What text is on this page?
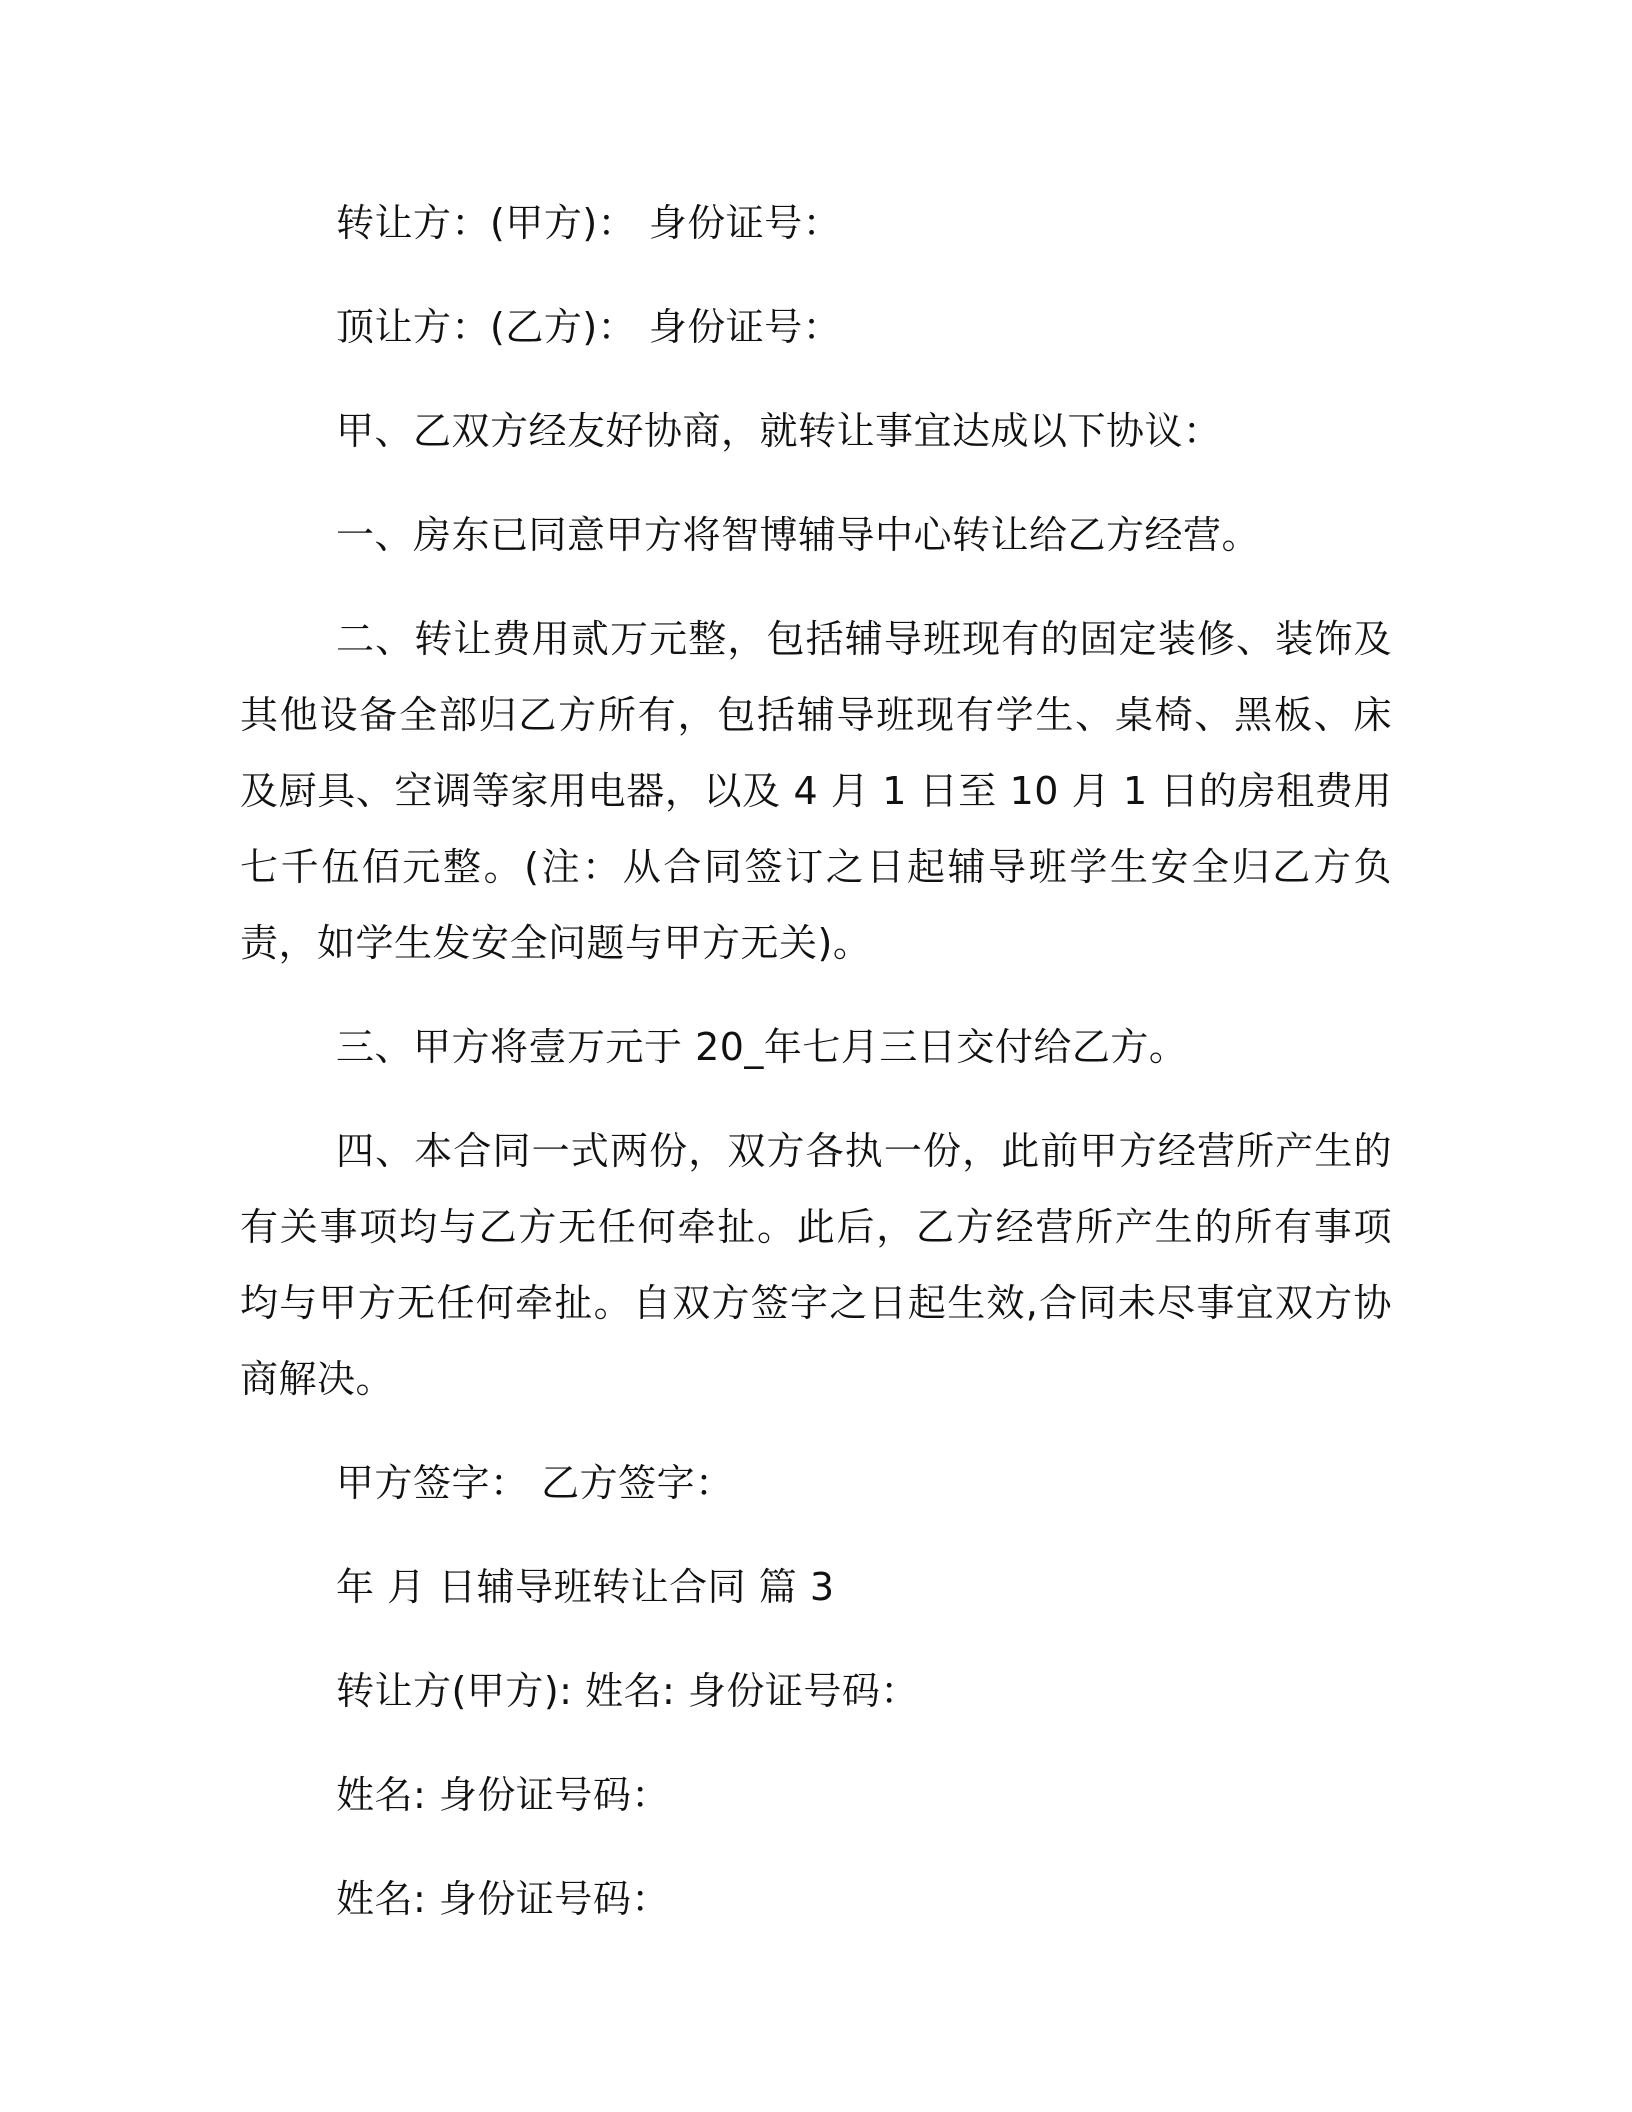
转让方：(甲方)： 身份证号：

顶让方：(乙方)： 身份证号：

甲、乙双方经友好协商，就转让事宜达成以下协议：

一、房东已同意甲方将智博辅导中心转让给乙方经营。

二、转让费用贰万元整，包括辅导班现有的固定装修、装饰及其他设备全部归乙方所有，包括辅导班现有学生、桌椅、黑板、床及厨具、空调等家用电器，以及 4 月 1 日至 10 月 1 日的房租费用七千伍佰元整。(注：从合同签订之日起辅导班学生安全归乙方负责，如学生发安全问题与甲方无关)。

三、甲方将壹万元于 20_年七月三日交付给乙方。

四、本合同一式两份，双方各执一份，此前甲方经营所产生的有关事项均与乙方无任何牵扯。此后，乙方经营所产生的所有事项均与甲方无任何牵扯。自双方签字之日起生效,合同未尽事宜双方协商解决。

甲方签字： 乙方签字：

年 月 日辅导班转让合同 篇 3

转让方(甲方): 姓名: 身份证号码：

姓名: 身份证号码：

姓名: 身份证号码：
